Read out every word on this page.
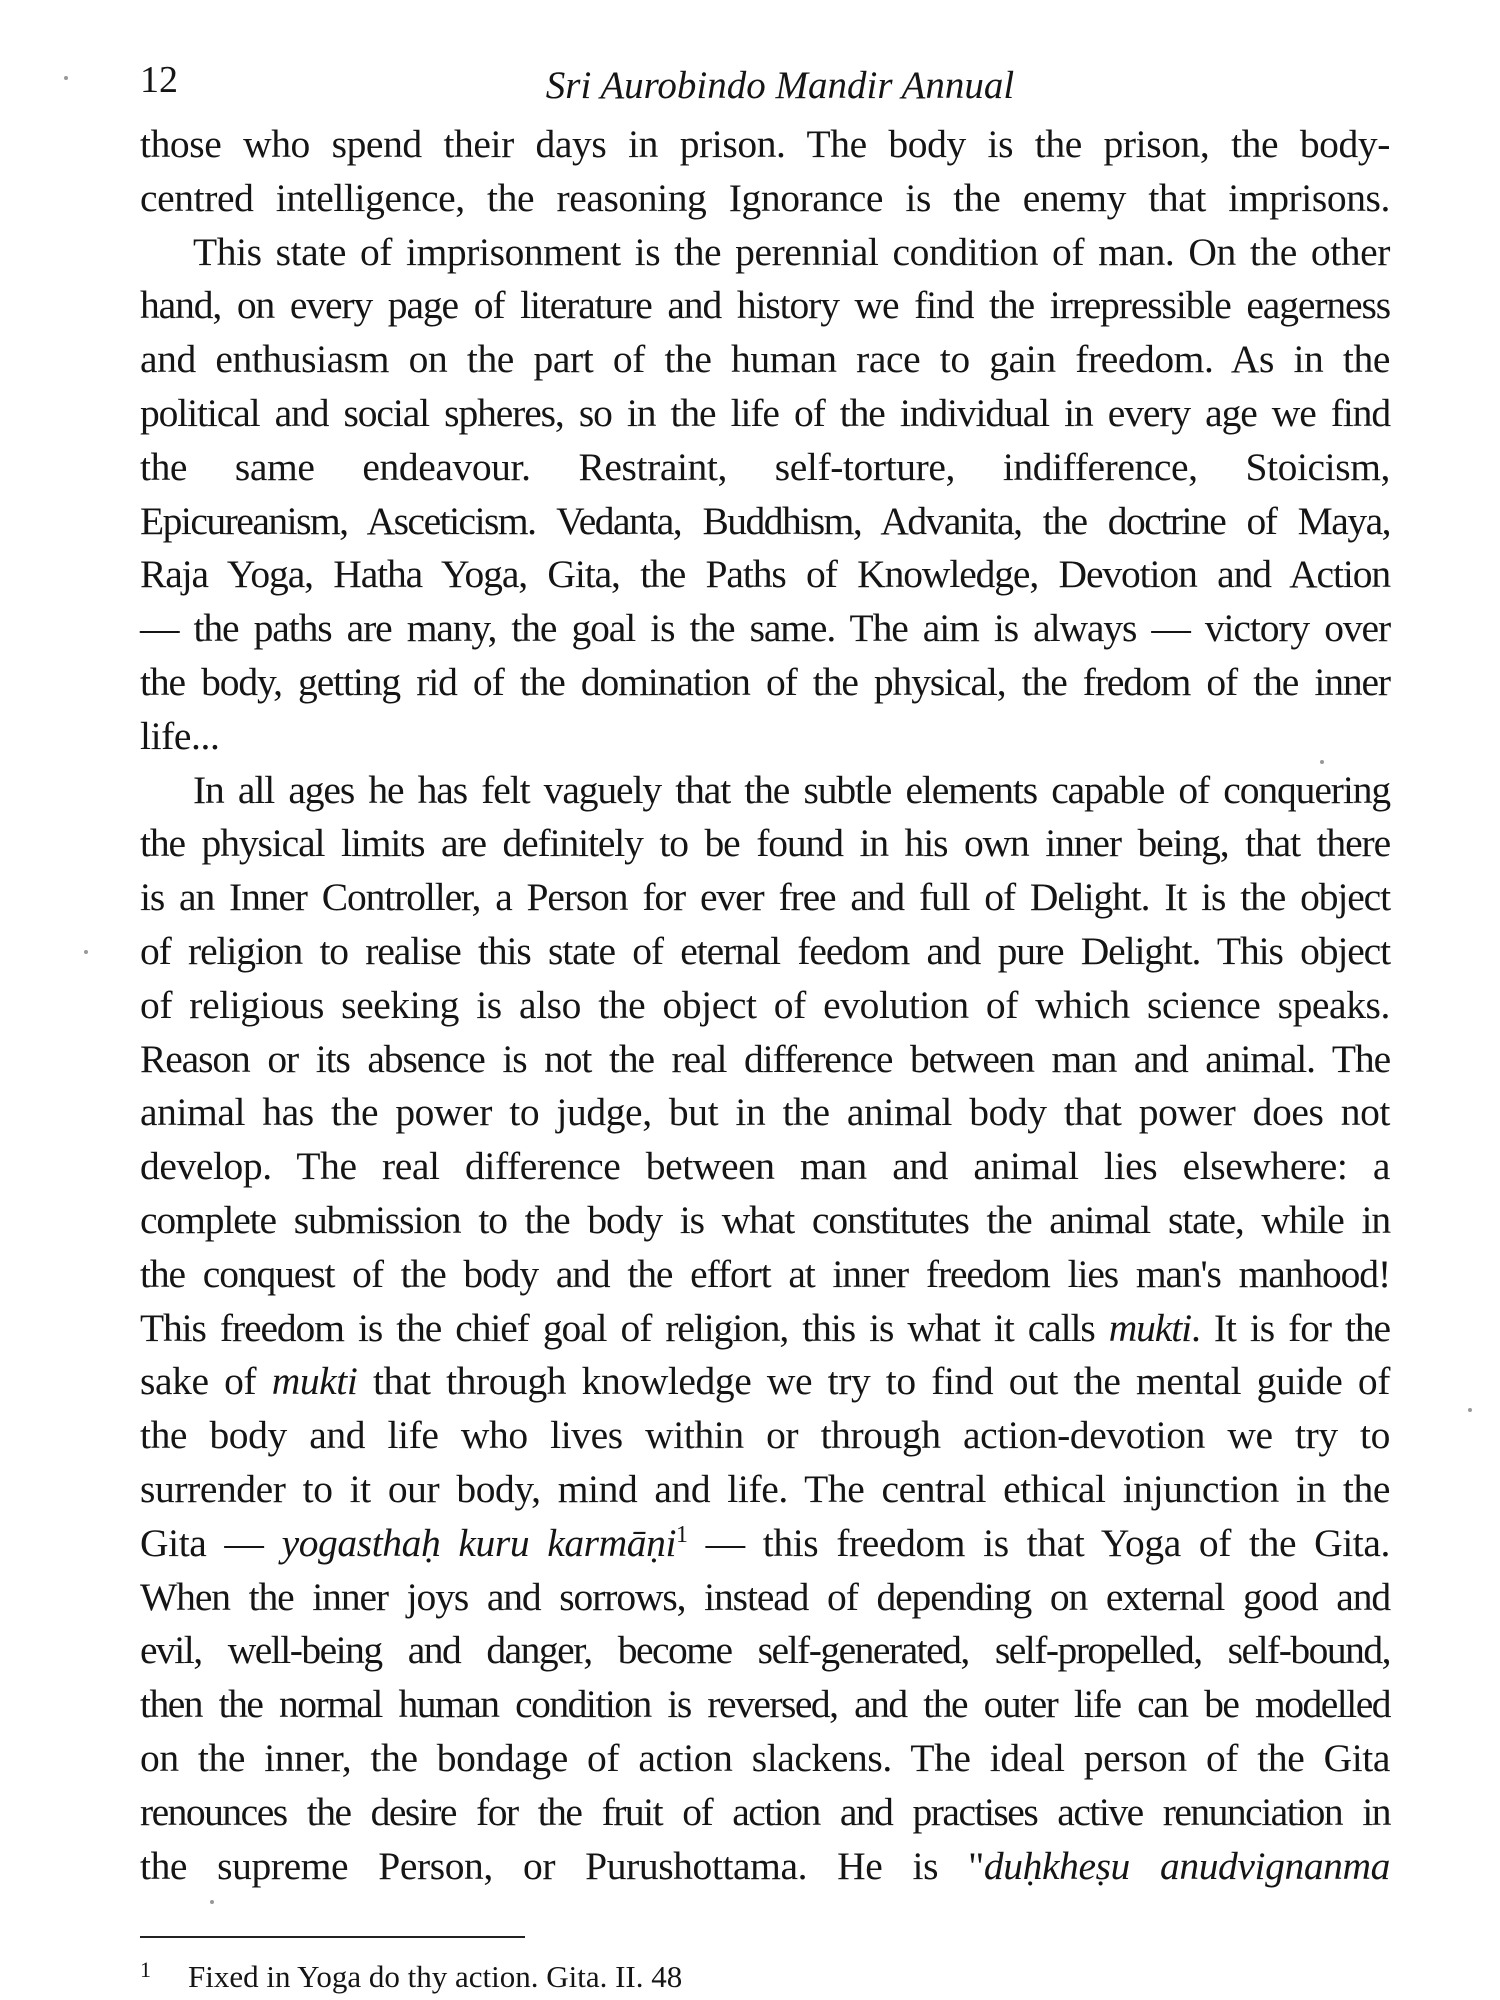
12	Sri Aurobindo Mandir Annual
those who spend their days in prison. The body is the prison, the body-
centred intelligence, the reasoning Ignorance is the enemy that imprisons.
This state of imprisonment is the perennial condition of man. On the other
hand, on every page of literature and history we find the irrepressible eagerness
and enthusiasm on the part of the human race to gain freedom. As in the
political and social spheres, so in the life of the individual in every age we find
the same endeavour. Restraint, self-torture, indifference, Stoicism,
Epicureanism, Asceticism. Vedanta, Buddhism, Advanita, the doctrine of Maya,
Raja Yoga, Hatha Yoga, Gita, the Paths of Knowledge, Devotion and Action
— the paths are many, the goal is the same. The aim is always — victory over
the body, getting rid of the domination of the physical, the fredom of the inner
life...
In all ages he has felt vaguely that the subtle elements capable of conquering
the physical limits are definitely to be found in his own inner being, that there
is an Inner Controller, a Person for ever free and full of Delight. It is the object
of religion to realise this state of eternal feedom and pure Delight. This object
of religious seeking is also the object of evolution of which science speaks.
Reason or its absence is not the real difference between man and animal. The
animal has the power to judge, but in the animal body that power does not
develop. The real difference between man and animal lies elsewhere: a
complete submission to the body is what constitutes the animal state, while in
the conquest of the body and the effort at inner freedom lies man's manhood!
This freedom is the chief goal of religion, this is what it calls mukti. It is for the
sake of mukti that through knowledge we try to find out the mental guide of
the body and life who lives within or through action-devotion we try to
surrender to it our body, mind and life. The central ethical injunction in the
Gita — yogasthaḥ kuru karmāṇi$^1$ — this freedom is that Yoga of the Gita.
When the inner joys and sorrows, instead of depending on external good and
evil, well-being and danger, become self-generated, self-propelled, self-bound,
then the normal human condition is reversed, and the outer life can be modelled
on the inner, the bondage of action slackens. The ideal person of the Gita
renounces the desire for the fruit of action and practises active renunciation in
the supreme Person, or Purushottama. He is "duḥkheṣu anudvignanma
1 Fixed in Yoga do thy action. Gita. II. 48
